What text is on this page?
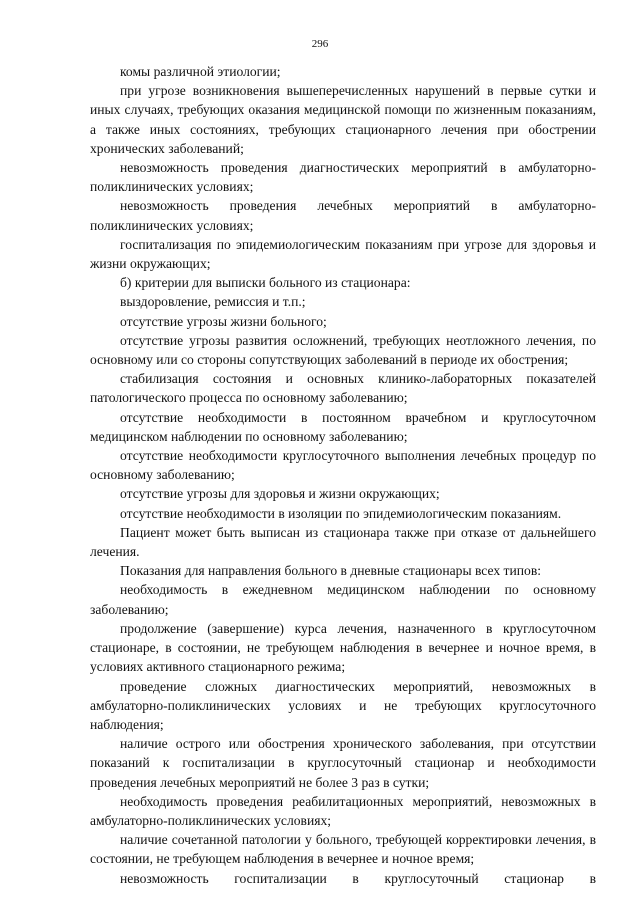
296

комы различной этиологии;

при угрозе возникновения вышеперечисленных нарушений в первые сутки и иных случаях, требующих оказания медицинской помощи по жизненным показаниям, а также иных состояниях, требующих стационарного лечения при обострении хронических заболеваний;

невозможность проведения диагностических мероприятий в амбулаторно-поликлинических условиях;

невозможность проведения лечебных мероприятий в амбулаторно-поликлинических условиях;

госпитализация по эпидемиологическим показаниям при угрозе для здоровья и жизни окружающих;

б) критерии для выписки больного из стационара:

выздоровление, ремиссия и т.п.;

отсутствие угрозы жизни больного;

отсутствие угрозы развития осложнений, требующих неотложного лечения, по основному или со стороны сопутствующих заболеваний в периоде их обострения;

стабилизация состояния и основных клинико-лабораторных показателей патологического процесса по основному заболеванию;

отсутствие необходимости в постоянном врачебном и круглосуточном медицинском наблюдении по основному заболеванию;

отсутствие необходимости круглосуточного выполнения лечебных процедур по основному заболеванию;

отсутствие угрозы для здоровья и жизни окружающих;

отсутствие необходимости в изоляции по эпидемиологическим показаниям.

Пациент может быть выписан из стационара также при отказе от дальнейшего лечения.

Показания для направления больного в дневные стационары всех типов:

необходимость в ежедневном медицинском наблюдении по основному заболеванию;

продолжение (завершение) курса лечения, назначенного в круглосуточном стационаре, в состоянии, не требующем наблюдения в вечернее и ночное время, в условиях активного стационарного режима;

проведение сложных диагностических мероприятий, невозможных в амбулаторно-поликлинических условиях и не требующих круглосуточного наблюдения;

наличие острого или обострения хронического заболевания, при отсутствии показаний к госпитализации в круглосуточный стационар и необходимости проведения лечебных мероприятий не более 3 раз в сутки;

необходимость проведения реабилитационных мероприятий, невозможных в амбулаторно-поликлинических условиях;

наличие сочетанной патологии у больного, требующей корректировки лечения, в состоянии, не требующем наблюдения в вечернее и ночное время;

невозможность госпитализации в круглосуточный стационар в
